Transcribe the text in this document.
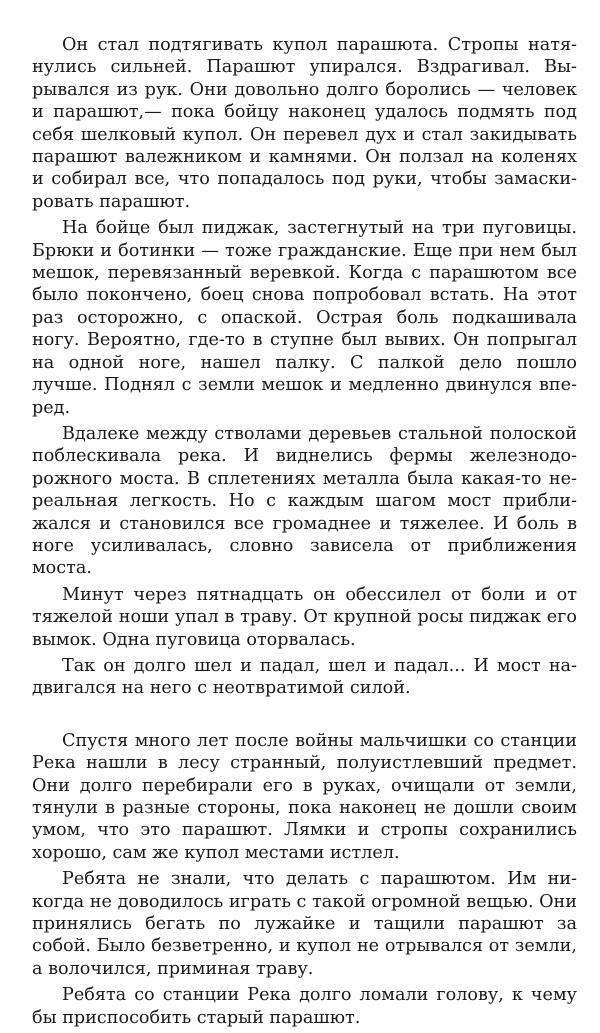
Он стал подтягивать купол парашюта. Стропы натянулись сильней. Парашют упирался. Вздрагивал. Вырывался из рук. Они довольно долго боролись — человек и парашют,— пока бойцу наконец удалось подмять под себя шелковый купол. Он перевел дух и стал закидывать парашют валежником и камнями. Он ползал на коленях и собирал все, что попадалось под руки, чтобы замаскировать парашют.

На бойце был пиджак, застегнутый на три пуговицы. Брюки и ботинки — тоже гражданские. Еще при нем был мешок, перевязанный веревкой. Когда с парашютом все было покончено, боец снова попробовал встать. На этот раз осторожно, с опаской. Острая боль подкашивала ногу. Вероятно, где-то в ступне был вывих. Он попрыгал на одной ноге, нашел палку. С палкой дело пошло лучше. Поднял с земли мешок и медленно двинулся вперед.

Вдалеке между стволами деревьев стальной полоской поблескивала река. И виднелись фермы железнодорожного моста. В сплетениях металла была какая-то нереальная легкость. Но с каждым шагом мост приближался и становился все громаднее и тяжелее. И боль в ноге усиливалась, словно зависела от приближения моста.

Минут через пятнадцать он обессилел от боли и от тяжелой ноши упал в траву. От крупной росы пиджак его вымок. Одна пуговица оторвалась.

Так он долго шел и падал, шел и падал... И мост надвигался на него с неотвратимой силой.

Спустя много лет после войны мальчишки со станции Река нашли в лесу странный, полуистлевший предмет. Они долго перебирали его в руках, очищали от земли, тянули в разные стороны, пока наконец не дошли своим умом, что это парашют. Лямки и стропы сохранились хорошо, сам же купол местами истлел.

Ребята не знали, что делать с парашютом. Им никогда не доводилось играть с такой огромной вещью. Они принялись бегать по лужайке и тащили парашют за собой. Было безветренно, и купол не отрывался от земли, а волочился, приминая траву.

Ребята со станции Река долго ломали голову, к чему бы приспособить старый парашют.
